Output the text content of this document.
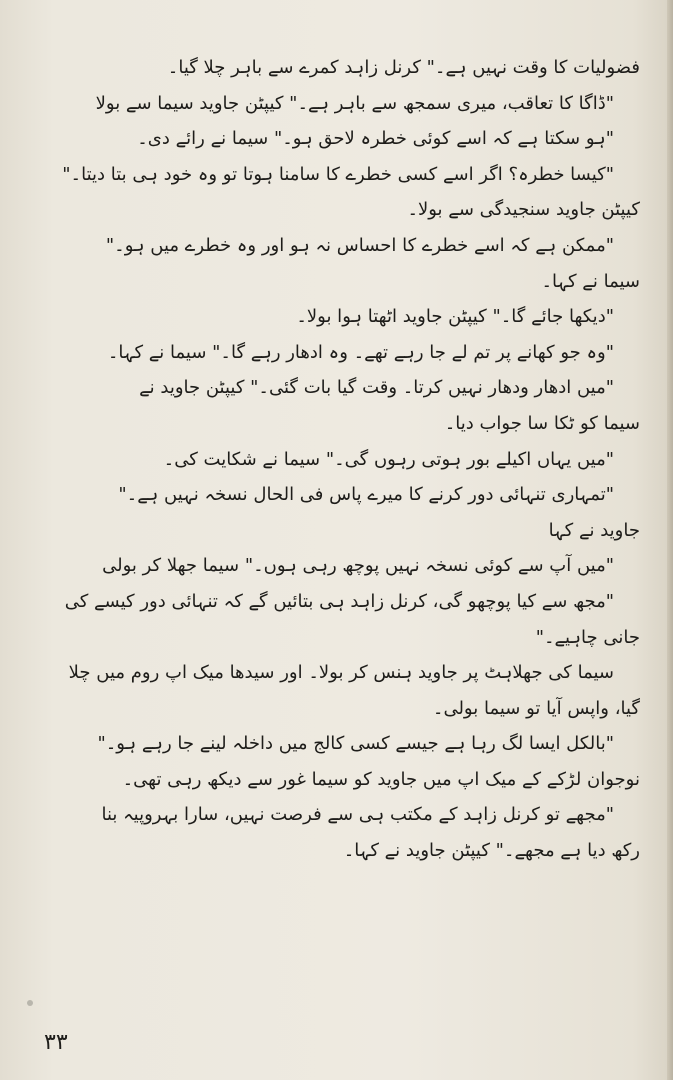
فضولیات کا وقت نہیں ہے۔" کرنل زاہد کمرے سے باہر چلا گیا۔
"ڈاگا کا تعاقب، میری سمجھ سے باہر ہے۔" کیپٹن جاوید سیما سے بولا
"ہو سکتا ہے کہ اسے کوئی خطرہ لاحق ہو۔" سیما نے رائے دی۔
"کیسا خطرہ؟ اگر اسے کسی خطرے کا سامنا ہوتا تو وہ خود ہی بتا دیتا۔"
کیپٹن جاوید سنجیدگی سے بولا۔
"ممکن ہے کہ اسے خطرے کا احساس نہ ہو اور وہ خطرے میں ہو۔"
سیما نے کہا۔
"دیکھا جائے گا۔" کیپٹن جاوید اٹھتا ہوا بولا۔
"وہ جو کھانے پر تم لے جا رہے تھے۔ وہ ادھار رہے گا۔" سیما نے کہا۔
"میں ادھار ودھار نہیں کرتا۔ وقت گیا بات گئی۔" کیپٹن جاوید نے
سیما کو ٹکا سا جواب دیا۔
"میں یہاں اکیلے بور ہوتی رہوں گی۔" سیما نے شکایت کی۔
"تمہاری تنہائی دور کرنے کا میرے پاس فی الحال نسخہ نہیں ہے۔"
جاوید نے کہا
"میں آپ سے کوئی نسخہ نہیں پوچھ رہی ہوں۔" سیما جھلا کر بولی
"مجھ سے کیا پوچھو گی، کرنل زاہد ہی بتائیں گے کہ تنہائی دور کیسے کی
جانی چاہیے۔"
سیما کی جھلاہٹ پر جاوید ہنس کر بولا۔ اور سیدھا میک اپ روم میں چلا
گیا، واپس آیا تو سیما بولی۔
"بالکل ایسا لگ رہا ہے جیسے کسی کالج میں داخلہ لینے جا رہے ہو۔"
نوجوان لڑکے کے میک اپ میں جاوید کو سیما غور سے دیکھ رہی تھی۔
"مجھے تو کرنل زاہد کے مکتب ہی سے فرصت نہیں، سارا بہروپیہ بنا
رکھ دیا ہے مجھے۔" کیپٹن جاوید نے کہا۔
۳۳
